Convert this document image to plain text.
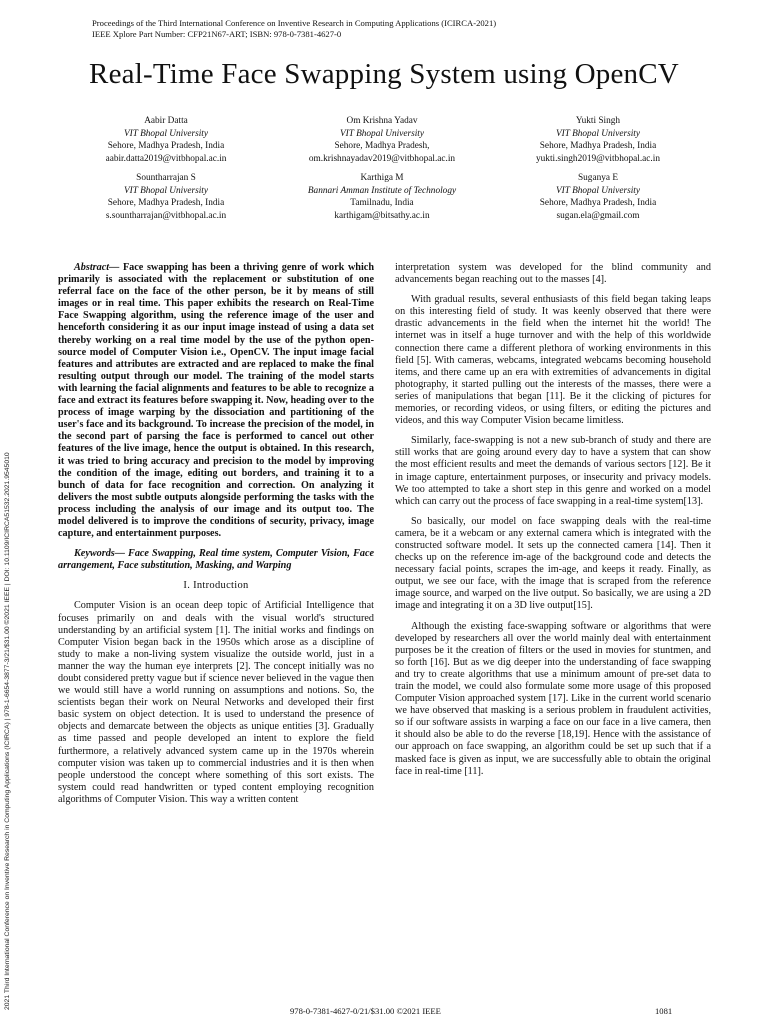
Proceedings of the Third International Conference on Inventive Research in Computing Applications (ICIRCA-2021)
IEEE Xplore Part Number: CFP21N67-ART; ISBN: 978-0-7381-4627-0
Real-Time Face Swapping System using OpenCV
Aabir Datta
VIT Bhopal University
Sehore, Madhya Pradesh, India
aabir.datta2019@vitbhopal.ac.in
Om Krishna Yadav
VIT Bhopal University
Sehore, Madhya Pradesh,
om.krishnayadav2019@vitbhopal.ac.in
Yukti Singh
VIT Bhopal University
Sehore, Madhya Pradesh, India
yukti.singh2019@vitbhopal.ac.in
Sountharrajan S
VIT Bhopal University
Sehore, Madhya Pradesh, India
s.sountharrajan@vitbhopal.ac.in
Karthiga M
Bannari Amman Institute of Technology
Tamilnadu, India
karthigam@bitsathy.ac.in
Suganya E
VIT Bhopal University
Sehore, Madhya Pradesh, India
sugan.ela@gmail.com
2021 Third International Conference on Inventive Research in Computing Applications (ICIRCA) | 978-1-6654-3877-3/21/$31.00 ©2021 IEEE | DOI: 10.1109/ICIRCA51532.2021.9545010

Abstract— Face swapping has been a thriving genre of work which primarily is associated with the replacement or substitution of one referral face on the face of the other person, be it by means of still images or in real time. This paper exhibits the research on Real-Time Face Swapping algorithm, using the reference image of the user and henceforth considering it as our input image instead of using a data set thereby working on a real time model by the use of the python open-source model of Computer Vision i.e., OpenCV. The input image facial features and attributes are extracted and are replaced to make the final resulting output through our model. The training of the model starts with learning the facial alignments and features to be able to recognize a face and extract its features before swapping it. Now, heading over to the process of image warping by the dissociation and partitioning of the user's face and its background. To increase the precision of the model, in the second part of parsing the face is performed to cancel out other features of the live image, hence the output is obtained. In this research, it was tried to bring accuracy and precision to the model by improving the condition of the image, editing out borders, and training it to a bunch of data for face recognition and correction. On analyzing it delivers the most subtle outputs alongside performing the tasks with the process including the analysis of our image and its output too. The model delivered is to improve the conditions of security, privacy, image capture, and entertainment purposes.

Keywords— Face Swapping, Real time system, Computer Vision, Face arrangement, Face substitution, Masking, and Warping

I. Introduction

Computer Vision is an ocean deep topic of Artificial Intelligence that focuses primarily on and deals with the visual world's structured understanding by an artificial system [1]. The initial works and findings on Computer Vision began back in the 1950s which arose as a discipline of study to make a non-living system visualize the outside world, just in a manner the way the human eye interprets [2]. The concept initially was no doubt considered pretty vague but if science never believed in the vague then we would still have a world running on assumptions and notions. So, the scientists began their work on Neural Networks and developed their first basic system on object detection. It is used to understand the presence of objects and demarcate between the objects as unique entities [3]. Gradually as time passed and people developed an intent to explore the field furthermore, a relatively advanced system came up in the 1970s wherein computer vision was taken up to commercial industries and it is then when people understood the concept where something of this sort exists. The system could read handwritten or typed content employing recognition algorithms of Computer Vision. This way a written content

interpretation system was developed for the blind community and advancements began reaching out to the masses [4].

With gradual results, several enthusiasts of this field began taking leaps on this interesting field of study. It was keenly observed that there were drastic advancements in the field when the internet hit the world! The internet was in itself a huge turnover and with the help of this worldwide connection there came a different plethora of working environments in this field [5]. With cameras, webcams, integrated webcams becoming household items, and there came up an era with extremities of advancements in digital photography, it started pulling out the interests of the masses, there were a series of manipulations that began [11]. Be it the clicking of pictures for memories, or recording videos, or using filters, or editing the pictures and videos, and this way Computer Vision became limitless.

Similarly, face-swapping is not a new sub-branch of study and there are still works that are going around every day to have a system that can show the most efficient results and meet the demands of various sectors [12]. Be it in image capture, entertainment purposes, or insecurity and privacy models. We too attempted to take a short step in this genre and worked on a model which can carry out the process of face swapping in a real-time system[13].

So basically, our model on face swapping deals with the real-time camera, be it a webcam or any external camera which is integrated with the constructed software model. It sets up the connected camera [14]. Then it checks up on the reference im-age of the background code and detects the necessary facial points, scrapes the im-age, and keeps it ready. Finally, as output, we see our face, with the image that is scraped from the reference image source, and warped on the live output. So basically, we are using a 2D image and integrating it on a 3D live output[15].

Although the existing face-swapping software or algorithms that were developed by researchers all over the world mainly deal with entertainment purposes be it the creation of filters or the used in movies for stuntmen, and so forth [16]. But as we dig deeper into the understanding of face swapping and try to create algorithms that use a minimum amount of pre-set data to train the model, we could also formulate some more usage of this proposed Computer Vision approached system [17]. Like in the current world scenario we have observed that masking is a serious problem in fraudulent activities, so if our software assists in warping a face on our face in a live camera, then it should also be able to do the reverse [18,19]. Hence with the assistance of our approach on face swapping, an algorithm could be set up such that if a masked face is given as input, we are successfully able to obtain the original face in real-time [11].

978-0-7381-4627-0/21/$31.00 ©2021 IEEE	1081
